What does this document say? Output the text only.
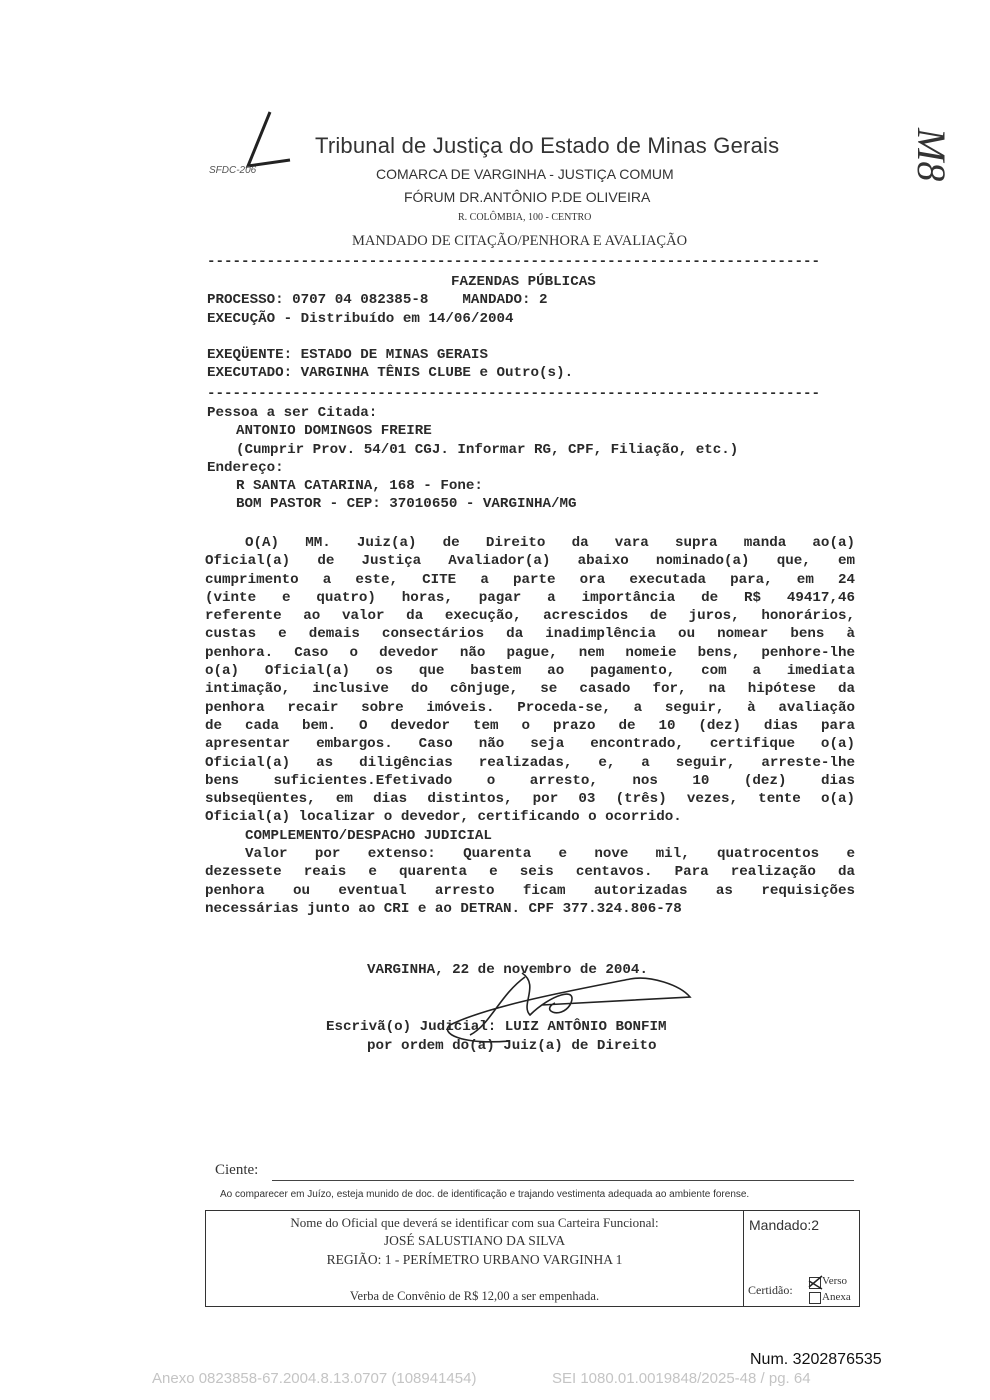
M8
SFDC-206
Tribunal de Justiça do Estado de Minas Gerais
COMARCA DE VARGINHA - JUSTIÇA COMUM
FÓRUM DR.ANTÔNIO P.DE OLIVEIRA
R. COLÔMBIA, 100 - CENTRO
MANDADO DE CITAÇÃO/PENHORA E AVALIAÇÃO
------------------------------------------------------------------------
FAZENDAS PÚBLICAS
PROCESSO: 0707 04 082385-8    MANDADO: 2
EXECUÇÃO - Distribuído em 14/06/2004
EXEQÜENTE: ESTADO DE MINAS GERAIS
EXECUTADO: VARGINHA TÊNIS CLUBE e Outro(s).
------------------------------------------------------------------------
Pessoa a ser Citada:
ANTONIO DOMINGOS FREIRE
(Cumprir Prov. 54/01 CGJ. Informar RG, CPF, Filiação, etc.)
Endereço:
R SANTA CATARINA, 168 - Fone:
BOM PASTOR - CEP: 37010650 - VARGINHA/MG
O(A) MM. Juiz(a) de Direito da vara supra manda ao(a)
Oficial(a) de Justiça Avaliador(a) abaixo nominado(a) que, em
cumprimento a este, CITE a parte ora executada para, em 24
(vinte e quatro) horas, pagar a importância de R$ 49417,46
referente ao valor da execução, acrescidos de juros, honorários,
custas e demais consectários da inadimplência ou nomear bens à
penhora. Caso o devedor não pague, nem nomeie bens, penhore-lhe
o(a) Oficial(a) os que bastem ao pagamento, com a imediata
intimação, inclusive do cônjuge, se casado for, na hipótese da
penhora recair sobre imóveis. Proceda-se, a seguir, à avaliação
de cada bem. O devedor tem o prazo de 10 (dez) dias para
apresentar embargos. Caso não seja encontrado, certifique o(a)
Oficial(a) as diligências realizadas, e, a seguir, arreste-lhe
bens suficientes.Efetivado o arresto, nos 10 (dez) dias
subseqüentes, em dias distintos, por 03 (três) vezes, tente o(a)
Oficial(a) localizar o devedor, certificando o ocorrido.
COMPLEMENTO/DESPACHO JUDICIAL
Valor por extenso: Quarenta e nove mil, quatrocentos e
dezessete reais e quarenta e seis centavos. Para realização da
penhora ou eventual arresto ficam autorizadas as requisições
necessárias junto ao CRI e ao DETRAN. CPF 377.324.806-78
VARGINHA, 22 de novembro de 2004.
Escrivã(o) Judicial: LUIZ ANTÔNIO BONFIM
por ordem do(a) Juiz(a) de Direito
Ciente:
Ao comparecer em Juízo, esteja munido de doc. de identificação e trajando vestimenta adequada ao ambiente forense.
Nome do Oficial que deverá se identificar com sua Carteira Funcional:
JOSÉ SALUSTIANO DA SILVA
REGIÃO: 1 - PERÍMETRO URBANO VARGINHA 1
Verba de Convênio de R$ 12,00 a ser empenhada.
Mandado:2
Certidão:
Verso
Anexa
Num. 3202876535
Anexo 0823858-67.2004.8.13.0707 (108941454)	SEI 1080.01.0019848/2025-48 / pg. 64
